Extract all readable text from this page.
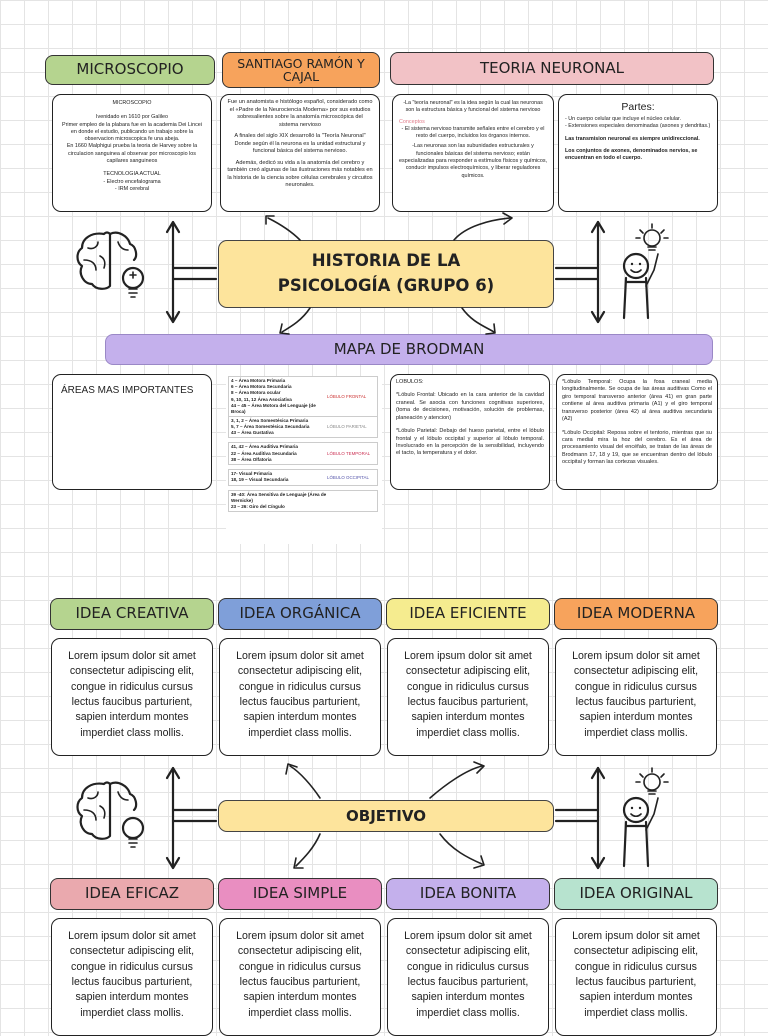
MICROSCOPIO	SANTIAGO RAMÓN Y CAJAL	TEORIA NEURONAL
MICROSCOPIO
Ivenidado en 1610 por Galileo
Primer empleo de la plabara fue en la academia Dei Lincei en donde el estudio, publicando un trabajo sobre la observacion microscopica fe una abeja.
En 1660 Malphigui prueba la teoria de Harvey sobre la circulacion sanguinea al observar por microscopio los capilares sanguineos
TECNOLOGIA ACTUAL
- Electro encefalograma
- IRM cerebral
Fue un anatomista e histólogo español, considerado como el «Padre de la Neurociencia Moderna» por sus estudios sobresalientes sobre la anatomía microscópica del sistema nervioso
A finales del siglo XIX desarrolló la "Teoría Neuronal" Donde según él la neurona es la unidad estructural y funcional básica del sistema nervioso.
Además, dedicó su vida a la anatomía del cerebro y también creó algunas de las ilustraciones más notables en la historia de la ciencia sobre células cerebrales y circuitos neuronales.
-La "teoría neuronal" es la idea según la cual las neuronas son la estructura básica y funcional del sistema nervioso
Conceptos
- El sistema nervioso transmite señales entre el cerebro y el resto del cuerpo, incluidos los órganos internos.
-Las neuronas son las subunidades estructurales y funcionales básicas del sistema nervioso; están especializadas para responder a estímulos físicos y químicos, conducir impulsos electroquímicos, y liberar reguladores químicos.
Partes:
- Un cuerpo celular que incluye el núcleo celular.
- Extensiones especiales denominadas (axones y dendritas.)
Las transmision neuronal es siempre unidireccional.
Los conjuntos de axones, denominados nervios, se encuentran en todo el cuerpo.
HISTORIA DE LA PSICOLOGÍA (GRUPO 6)
MAPA DE BRODMAN
ÁREAS MAS IMPORTANTES
4 – Área Motora Primaria
6 – Área Motora Secundaria
8 – Área Motora ocular
9, 10, 11, 12 Área Asociativa
44 – 45 – Área Motora del Lenguaje (de Broca)
LÓBULO FRONTAL
3, 1, 2 – Área Somestésica Primaria
5, 7 – Área Somestésica Secundaria
43 – Área Gustativa
LÓBULO PARIETAL
41, 42 – Área Auditiva Primaria
22 – Área Auditiva Secundaria
38 – Área Olfatoria
LÓBULO TEMPORAL
17- Visual Primaria
18, 19 – Visual Secundaria	LÓBULO OCCIPITAL
39 -40: Área Sensitiva de Lenguaje (Área de Wernicke)
23 – 26: Giro del Cíngulo
LOBULOS:
*Lóbulo Frontal: Ubicado en la cara anterior de la cavidad craneal. Se asocia con funciones cognitivas superiores,(toma de decisiones, motivación, solución de problemas, planeación y atencion)
*Lóbulo Parietal: Debajo del hueso parietal, entre el lóbulo frontal y el lóbulo occipital y superior al lóbulo temporal. Involucrado en la percepción de la sensibilidad, incluyendo el tacto, la temperatura y el dolor.
*Lóbulo Temporal: Ocupa la fosa craneal media longitudinalmente. Se ocupa de las áreas auditivas Como el giro temporal transverso anterior (área 41) en gran parte contiene al área auditiva primaria (A1) y el giro temporal transverso posterior (área 42) al área auditiva secundaria (A2)
*Lóbulo Occipital: Reposa sobre el tentorio, mientras que su cara medial mira la hoz del cerebro. Es el área de procesamiento visual del encéfalo, se tratan de las áreas de Brodmann 17, 18 y 19, que se encuentran dentro del lóbulo occipital y forman las cortezas visuales.
IDEA CREATIVA
Lorem ipsum dolor sit amet consectetur adipiscing elit, congue in ridiculus cursus lectus faucibus parturient, sapien interdum montes imperdiet class mollis.
IDEA ORGÁNICA
Lorem ipsum dolor sit amet consectetur adipiscing elit, congue in ridiculus cursus lectus faucibus parturient, sapien interdum montes imperdiet class mollis.
IDEA EFICIENTE
Lorem ipsum dolor sit amet consectetur adipiscing elit, congue in ridiculus cursus lectus faucibus parturient, sapien interdum montes imperdiet class mollis.
IDEA MODERNA
Lorem ipsum dolor sit amet consectetur adipiscing elit, congue in ridiculus cursus lectus faucibus parturient, sapien interdum montes imperdiet class mollis.
OBJETIVO
IDEA EFICAZ
Lorem ipsum dolor sit amet consectetur adipiscing elit, congue in ridiculus cursus lectus faucibus parturient, sapien interdum montes imperdiet class mollis.
IDEA SIMPLE
Lorem ipsum dolor sit amet consectetur adipiscing elit, congue in ridiculus cursus lectus faucibus parturient, sapien interdum montes imperdiet class mollis.
IDEA BONITA
Lorem ipsum dolor sit amet consectetur adipiscing elit, congue in ridiculus cursus lectus faucibus parturient, sapien interdum montes imperdiet class mollis.
IDEA ORIGINAL
Lorem ipsum dolor sit amet consectetur adipiscing elit, congue in ridiculus cursus lectus faucibus parturient, sapien interdum montes imperdiet class mollis.
